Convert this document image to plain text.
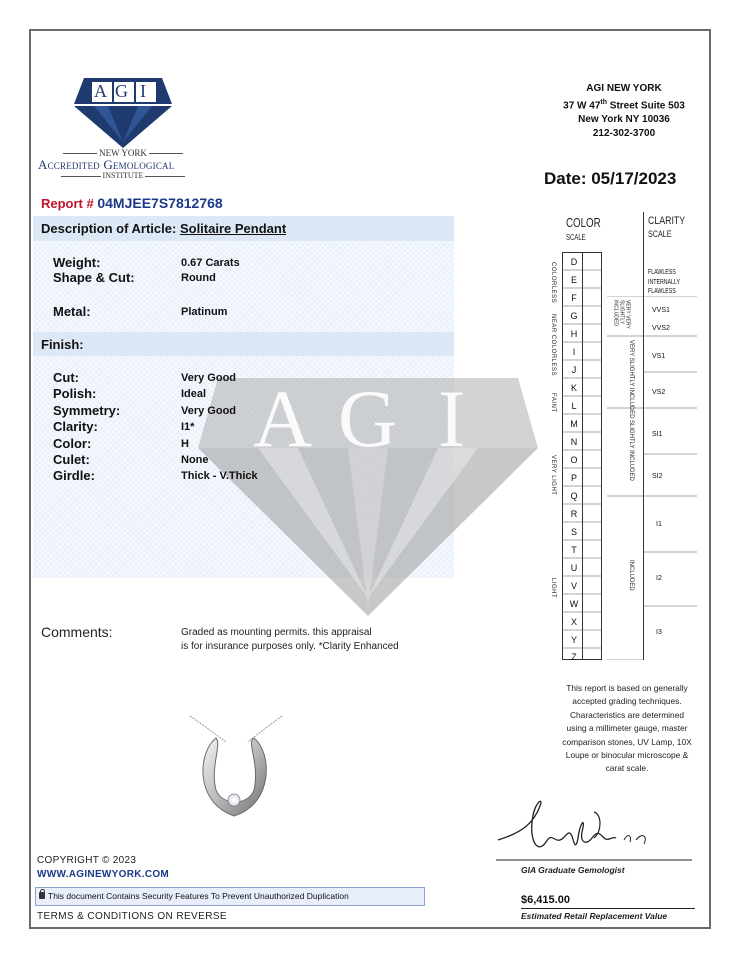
A G I
A G I
NEW YORK
Accredited Gemological
INSTITUTE
AGI NEW YORK
37 W 47th Street Suite 503
New York NY 10036
212-302-3700
Date: 05/17/2023
Report # 04MJEE7S7812768
Description of Article: Solitaire Pendant
Weight:	0.67 Carats
Shape & Cut:	Round
Metal:	Platinum
Finish:
Cut:	Very Good
Polish:	Ideal
Symmetry:	Very Good
Clarity:	I1*
Color:	H
Culet:	None
Girdle:	Thick - V.Thick
Comments:	Graded as mounting permits. this appraisal
is for insurance purposes only. *Clarity Enhanced
COLOR
SCALE
D
E
F
G
H
I
J
K
L
M
N
O
P
Q
R
S
T
U
V
W
X
Y
Z
COLORLESS
NEAR COLORLESS
FAINT
VERY LIGHT
LIGHT
CLARITY
SCALE
FLAWLESS
INTERNALLY
FLAWLESS
VVS1
VVS2
VS1
VS2
SI1
SI2
I1
I2
I3
VERY VERY SLIGHTLY INCLUDED
VERY SLIGHTLY INCLUDED
SLIGHTLY INCLUDED
INCLUDED
This report is based on generally
accepted grading techniques.
Characteristics are determined
using a millimeter gauge, master
comparison stones, UV Lamp, 10X
Loupe or binocular microscope &
carat scale.
GIA Graduate Gemologist
$6,415.00
Estimated Retail Replacement Value
COPYRIGHT © 2023
WWW.AGINEWYORK.COM
This document Contains Security Features To Prevent Unauthorized Duplication
TERMS & CONDITIONS ON REVERSE
